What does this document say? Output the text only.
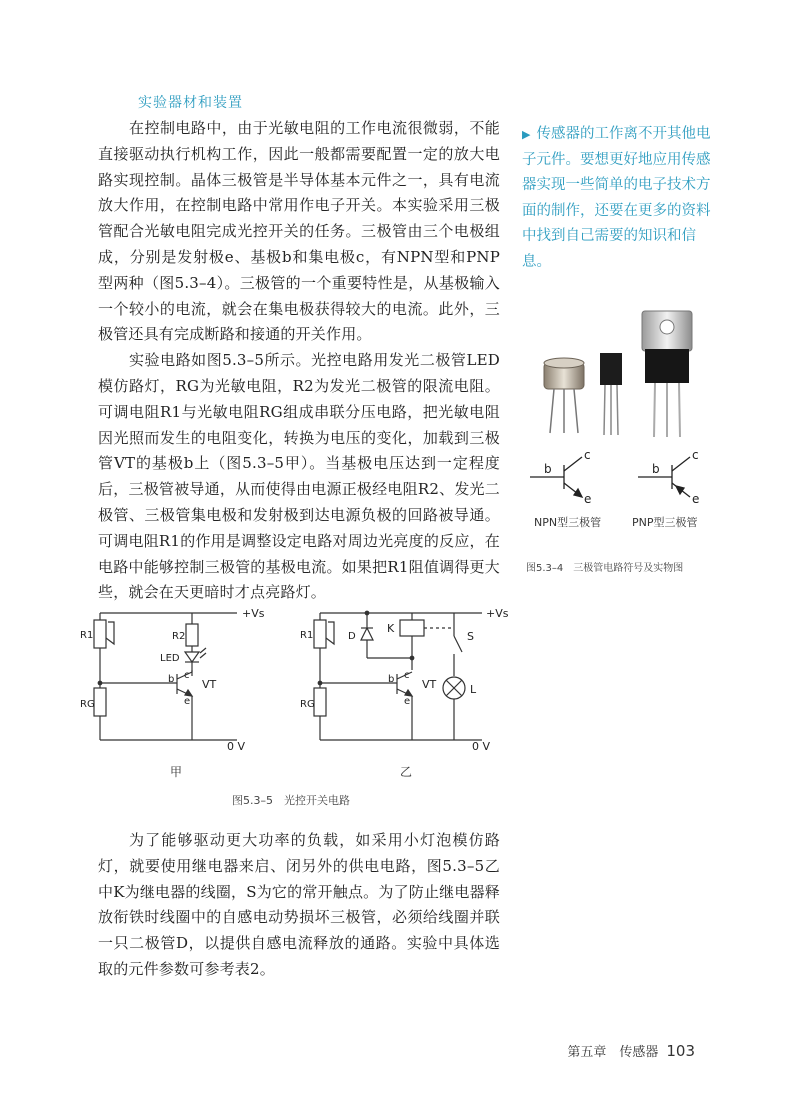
实验器材和装置

在控制电路中，由于光敏电阻的工作电流很微弱，不能直接驱动执行机构工作，因此一般都需要配置一定的放大电路实现控制。晶体三极管是半导体基本元件之一，具有电流放大作用，在控制电路中常用作电子开关。本实验采用三极管配合光敏电阻完成光控开关的任务。三极管由三个电极组成，分别是发射极e、基极b和集电极c，有NPN型和PNP型两种（图5.3–4）。三极管的一个重要特性是，从基极输入一个较小的电流，就会在集电极获得较大的电流。此外，三极管还具有完成断路和接通的开关作用。

实验电路如图5.3–5所示。光控电路用发光二极管LED模仿路灯，RG为光敏电阻，R2为发光二极管的限流电阻。可调电阻R1与光敏电阻RG组成串联分压电路，把光敏电阻因光照而发生的电阻变化，转换为电压的变化，加载到三极管VT的基极b上（图5.3–5甲）。当基极电压达到一定程度后，三极管被导通，从而使得由电源正极经电阻R2、发光二极管、三极管集电极和发射极到达电源负极的回路被导通。可调电阻R1的作用是调整设定电路对周边光亮度的反应，在电路中能够控制三极管的基极电流。如果把R1阻值调得更大些，就会在天更暗时才点亮路灯。

▶ 传感器的工作离不开其他电子元件。要想更好地应用传感器实现一些简单的电子技术方面的制作，还要在更多的资料中找到自己需要的知识和信息。
b
c
e
b
c
e
NPN型三极管	PNP型三极管
图5.3–4　三极管电路符号及实物图
+Vs
0 V
R1
RG
R2
LED
VT
b c
e
+Vs
0 V
R1
RG
D
K
S
L
VT
b c
e
甲	乙
图5.3–5　光控开关电路

为了能够驱动更大功率的负载，如采用小灯泡模仿路灯，就要使用继电器来启、闭另外的供电电路，图5.3–5乙中K为继电器的线圈，S为它的常开触点。为了防止继电器释放衔铁时线圈中的自感电动势损坏三极管，必须给线圈并联一只二极管D，以提供自感电流释放的通路。实验中具体选取的元件参数可参考表2。

第五章　传感器 103
